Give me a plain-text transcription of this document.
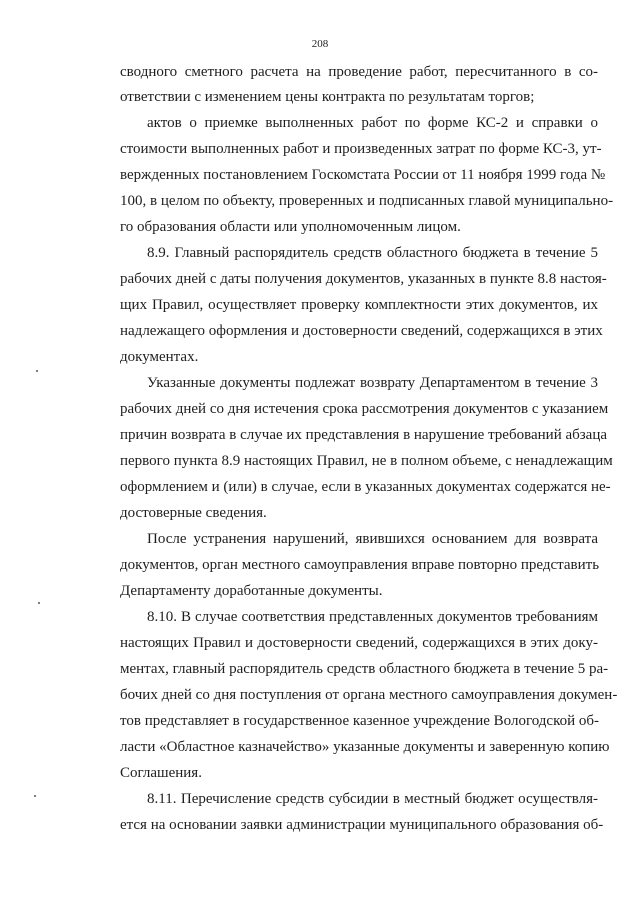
208
сводного сметного расчета на проведение работ, пересчитанного в со-
ответствии с изменением цены контракта по результатам торгов;
актов о приемке выполненных работ по форме КС-2 и справки о
стоимости выполненных работ и произведенных затрат по форме КС-3, ут-
вержденных постановлением Госкомстата России от 11 ноября 1999 года №
100, в целом по объекту, проверенных и подписанных главой муниципально-
го образования области или уполномоченным лицом.
8.9. Главный распорядитель средств областного бюджета в течение 5
рабочих дней с даты получения документов, указанных в пункте 8.8 настоя-
щих Правил, осуществляет проверку комплектности этих документов, их
надлежащего оформления и достоверности сведений, содержащихся в этих
документах.
Указанные документы подлежат возврату Департаментом в течение 3
рабочих дней со дня истечения срока рассмотрения документов с указанием
причин возврата в случае их представления в нарушение требований абзаца
первого пункта 8.9 настоящих Правил, не в полном объеме, с ненадлежащим
оформлением и (или) в случае, если в указанных документах содержатся не-
достоверные сведения.
После устранения нарушений, явившихся основанием для возврата
документов, орган местного самоуправления вправе повторно представить
Департаменту доработанные документы.
8.10. В случае соответствия представленных документов требованиям
настоящих Правил и достоверности сведений, содержащихся в этих доку-
ментах, главный распорядитель средств областного бюджета в течение 5 ра-
бочих дней со дня поступления от органа местного самоуправления докумен-
тов представляет в государственное казенное учреждение Вологодской об-
ласти «Областное казначейство» указанные документы и заверенную копию
Соглашения.
8.11. Перечисление средств субсидии в местный бюджет осуществля-
ется на основании заявки администрации муниципального образования об-
